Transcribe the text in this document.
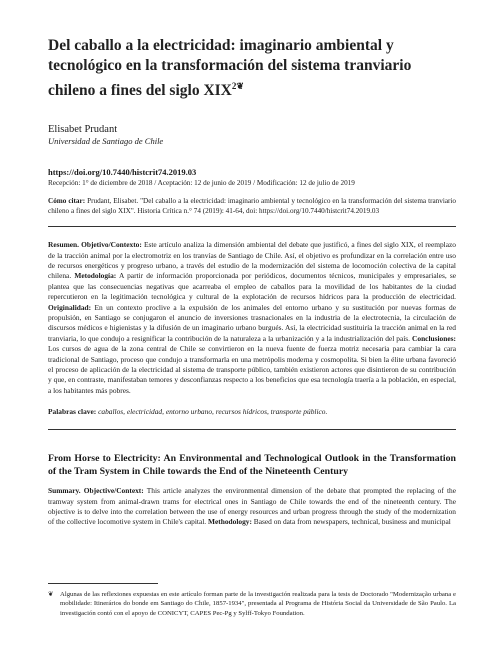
Del caballo a la electricidad: imaginario ambiental y tecnológico en la transformación del sistema tranviario chileno a fines del siglo $XIX^{2❦}$
Elisabet Prudant
Universidad de Santiago de Chile
https://doi.org/10.7440/histcrit74.2019.03
Recepción: 1° de diciembre de 2018 / Aceptación: 12 de junio de 2019 / Modificación: 12 de julio de 2019
Cómo citar: Prudant, Elisabet. "Del caballo a la electricidad: imaginario ambiental y tecnológico en la transformación del sistema tranviario chileno a fines del siglo XIX". Historia Crítica n.° 74 (2019): 41-64, doi: https://doi.org/10.7440/histcrit74.2019.03
Resumen. Objetivo/Contexto: Este artículo analiza la dimensión ambiental del debate que justificó, a fines del siglo XIX, el reemplazo de la tracción animal por la electromotriz en los tranvías de Santiago de Chile. Así, el objetivo es profundizar en la correlación entre uso de recursos energéticos y progreso urbano, a través del estudio de la modernización del sistema de locomoción colectiva de la capital chilena. Metodología: A partir de información proporcionada por periódicos, documentos técnicos, municipales y empresariales, se plantea que las consecuencias negativas que acarreaba el empleo de caballos para la movilidad de los habitantes de la ciudad repercutieron en la legitimación tecnológica y cultural de la explotación de recursos hídricos para la producción de electricidad. Originalidad: En un contexto proclive a la expulsión de los animales del entorno urbano y su sustitución por nuevas formas de propulsión, en Santiago se conjugaron el anuncio de inversiones trasnacionales en la industria de la electrotecnia, la circulación de discursos médicos e higienistas y la difusión de un imaginario urbano burgués. Así, la electricidad sustituiría la tracción animal en la red tranviaria, lo que condujo a resignificar la contribución de la naturaleza a la urbanización y a la industrialización del país. Conclusiones: Los cursos de agua de la zona central de Chile se convirtieron en la nueva fuente de fuerza motriz necesaria para cambiar la cara tradicional de Santiago, proceso que condujo a transformarla en una metrópolis moderna y cosmopolita. Si bien la élite urbana favoreció el proceso de aplicación de la electricidad al sistema de transporte público, también existieron actores que disintieron de su contribución y que, en contraste, manifestaban temores y desconfianzas respecto a los beneficios que esa tecnología traería a la población, en especial, a los habitantes más pobres.
Palabras clave: caballos, electricidad, entorno urbano, recursos hídricos, transporte público.
From Horse to Electricity: An Environmental and Technological Outlook in the Transformation of the Tram System in Chile towards the End of the Nineteenth Century
Summary. Objective/Context: This article analyzes the environmental dimension of the debate that prompted the replacing of the tramway system from animal-drawn trams for electrical ones in Santiago de Chile towards the end of the nineteenth century. The objective is to delve into the correlation between the use of energy resources and urban progress through the study of the modernization of the collective locomotive system in Chile's capital. Methodology: Based on data from newspapers, technical, business and municipal
❦ Algunas de las reflexiones expuestas en este artículo forman parte de la investigación realizada para la tesis de Doctorado "Modernização urbana e mobilidade: Itinerários do bonde em Santiago do Chile, 1857-1934", presentada al Programa de História Social da Universidade de São Paulo. La investigación contó con el apoyo de CONICYT, CAPES Pec-Pg y Sylff-Tokyo Foundation.
